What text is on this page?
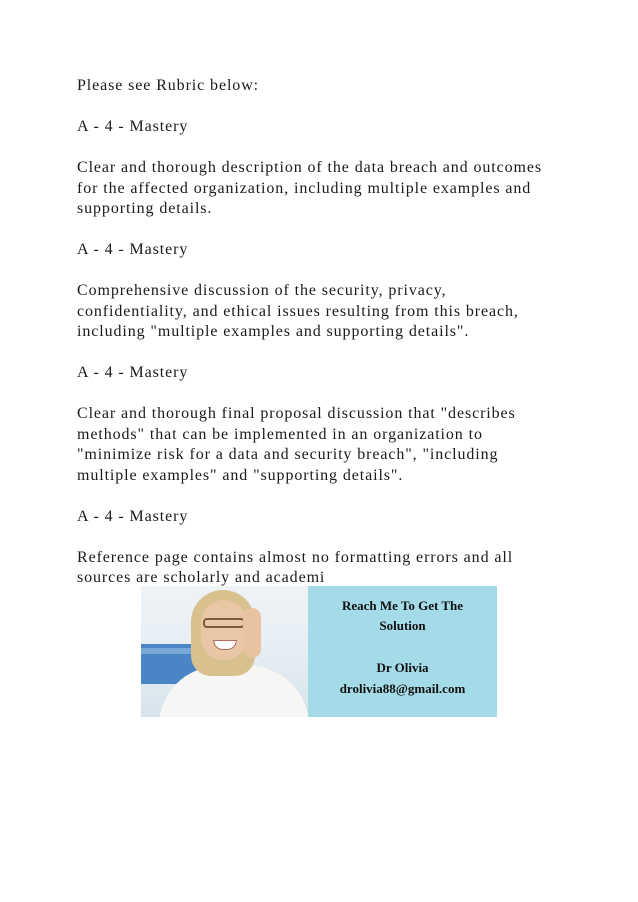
Please see Rubric below:

A - 4 - Mastery

Clear and thorough description of the data breach and outcomes
for the affected organization, including multiple examples and
supporting details.

A - 4 - Mastery

Comprehensive discussion of the security, privacy,
confidentiality, and ethical issues resulting from this breach,
including "multiple examples and supporting details".

A - 4 - Mastery

Clear and thorough final proposal discussion that "describes
methods" that can be implemented in an organization to
"minimize risk for a data and security breach", "including
multiple examples" and "supporting details".

A - 4 - Mastery

Reference page contains almost no formatting errors and all
sources are scholarly and academi

Reach Me To Get The
Solution
Dr Olivia
drolivia88@gmail.com
